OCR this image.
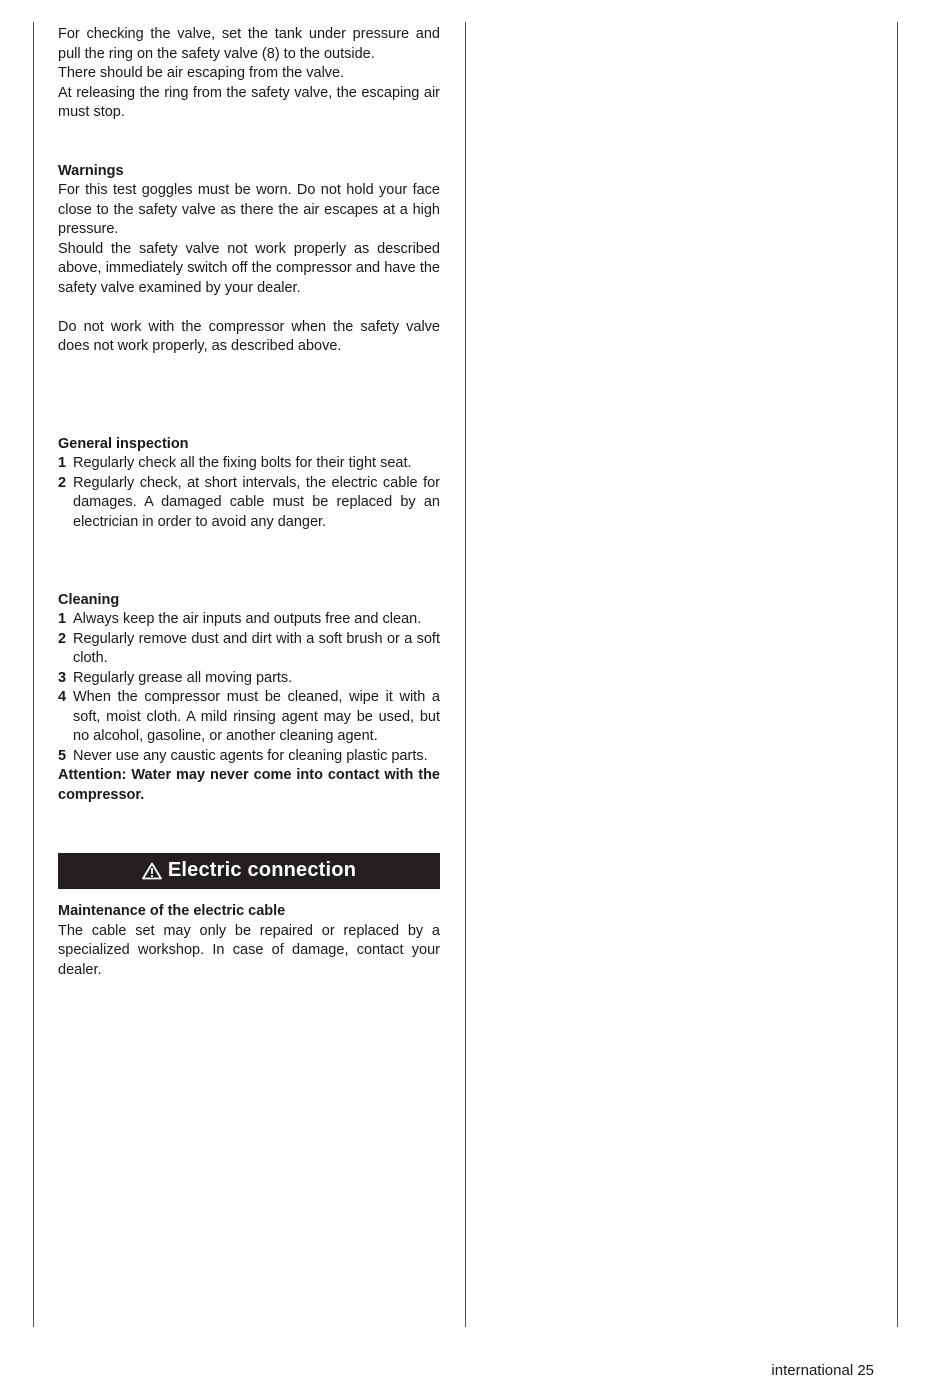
For checking the valve, set the tank under pressure and pull the ring on the safety valve (8) to the outside.

There should be air escaping from the valve.

At releasing the ring from the safety valve, the escaping air must stop.

Warnings

For this test goggles must be worn. Do not hold your face close to the safety valve as there the air escapes at a high pressure.

Should the safety valve not work properly as described above, immediately switch off the compressor and have the safety valve examined by your dealer.

Do not work with the compressor when the safety valve does not work properly, as described above.

General inspection

1 Regularly check all the fixing bolts for their tight seat.
2 Regularly check, at short intervals, the electric cable for damages. A damaged cable must be replaced by an electrician in order to avoid any danger.

Cleaning

1 Always keep the air inputs and outputs free and clean.
2 Regularly remove dust and dirt with a soft brush or a soft cloth.
3 Regularly grease all moving parts.
4 When the compressor must be cleaned, wipe it with a soft, moist cloth. A mild rinsing agent may be used, but no alcohol, gasoline, or another cleaning agent.
5 Never use any caustic agents for cleaning plastic parts.

Attention: Water may never come into contact with the compressor.

Electric connection

Maintenance of the electric cable

The cable set may only be repaired or replaced by a specialized workshop. In case of damage, contact your dealer.

international 25
